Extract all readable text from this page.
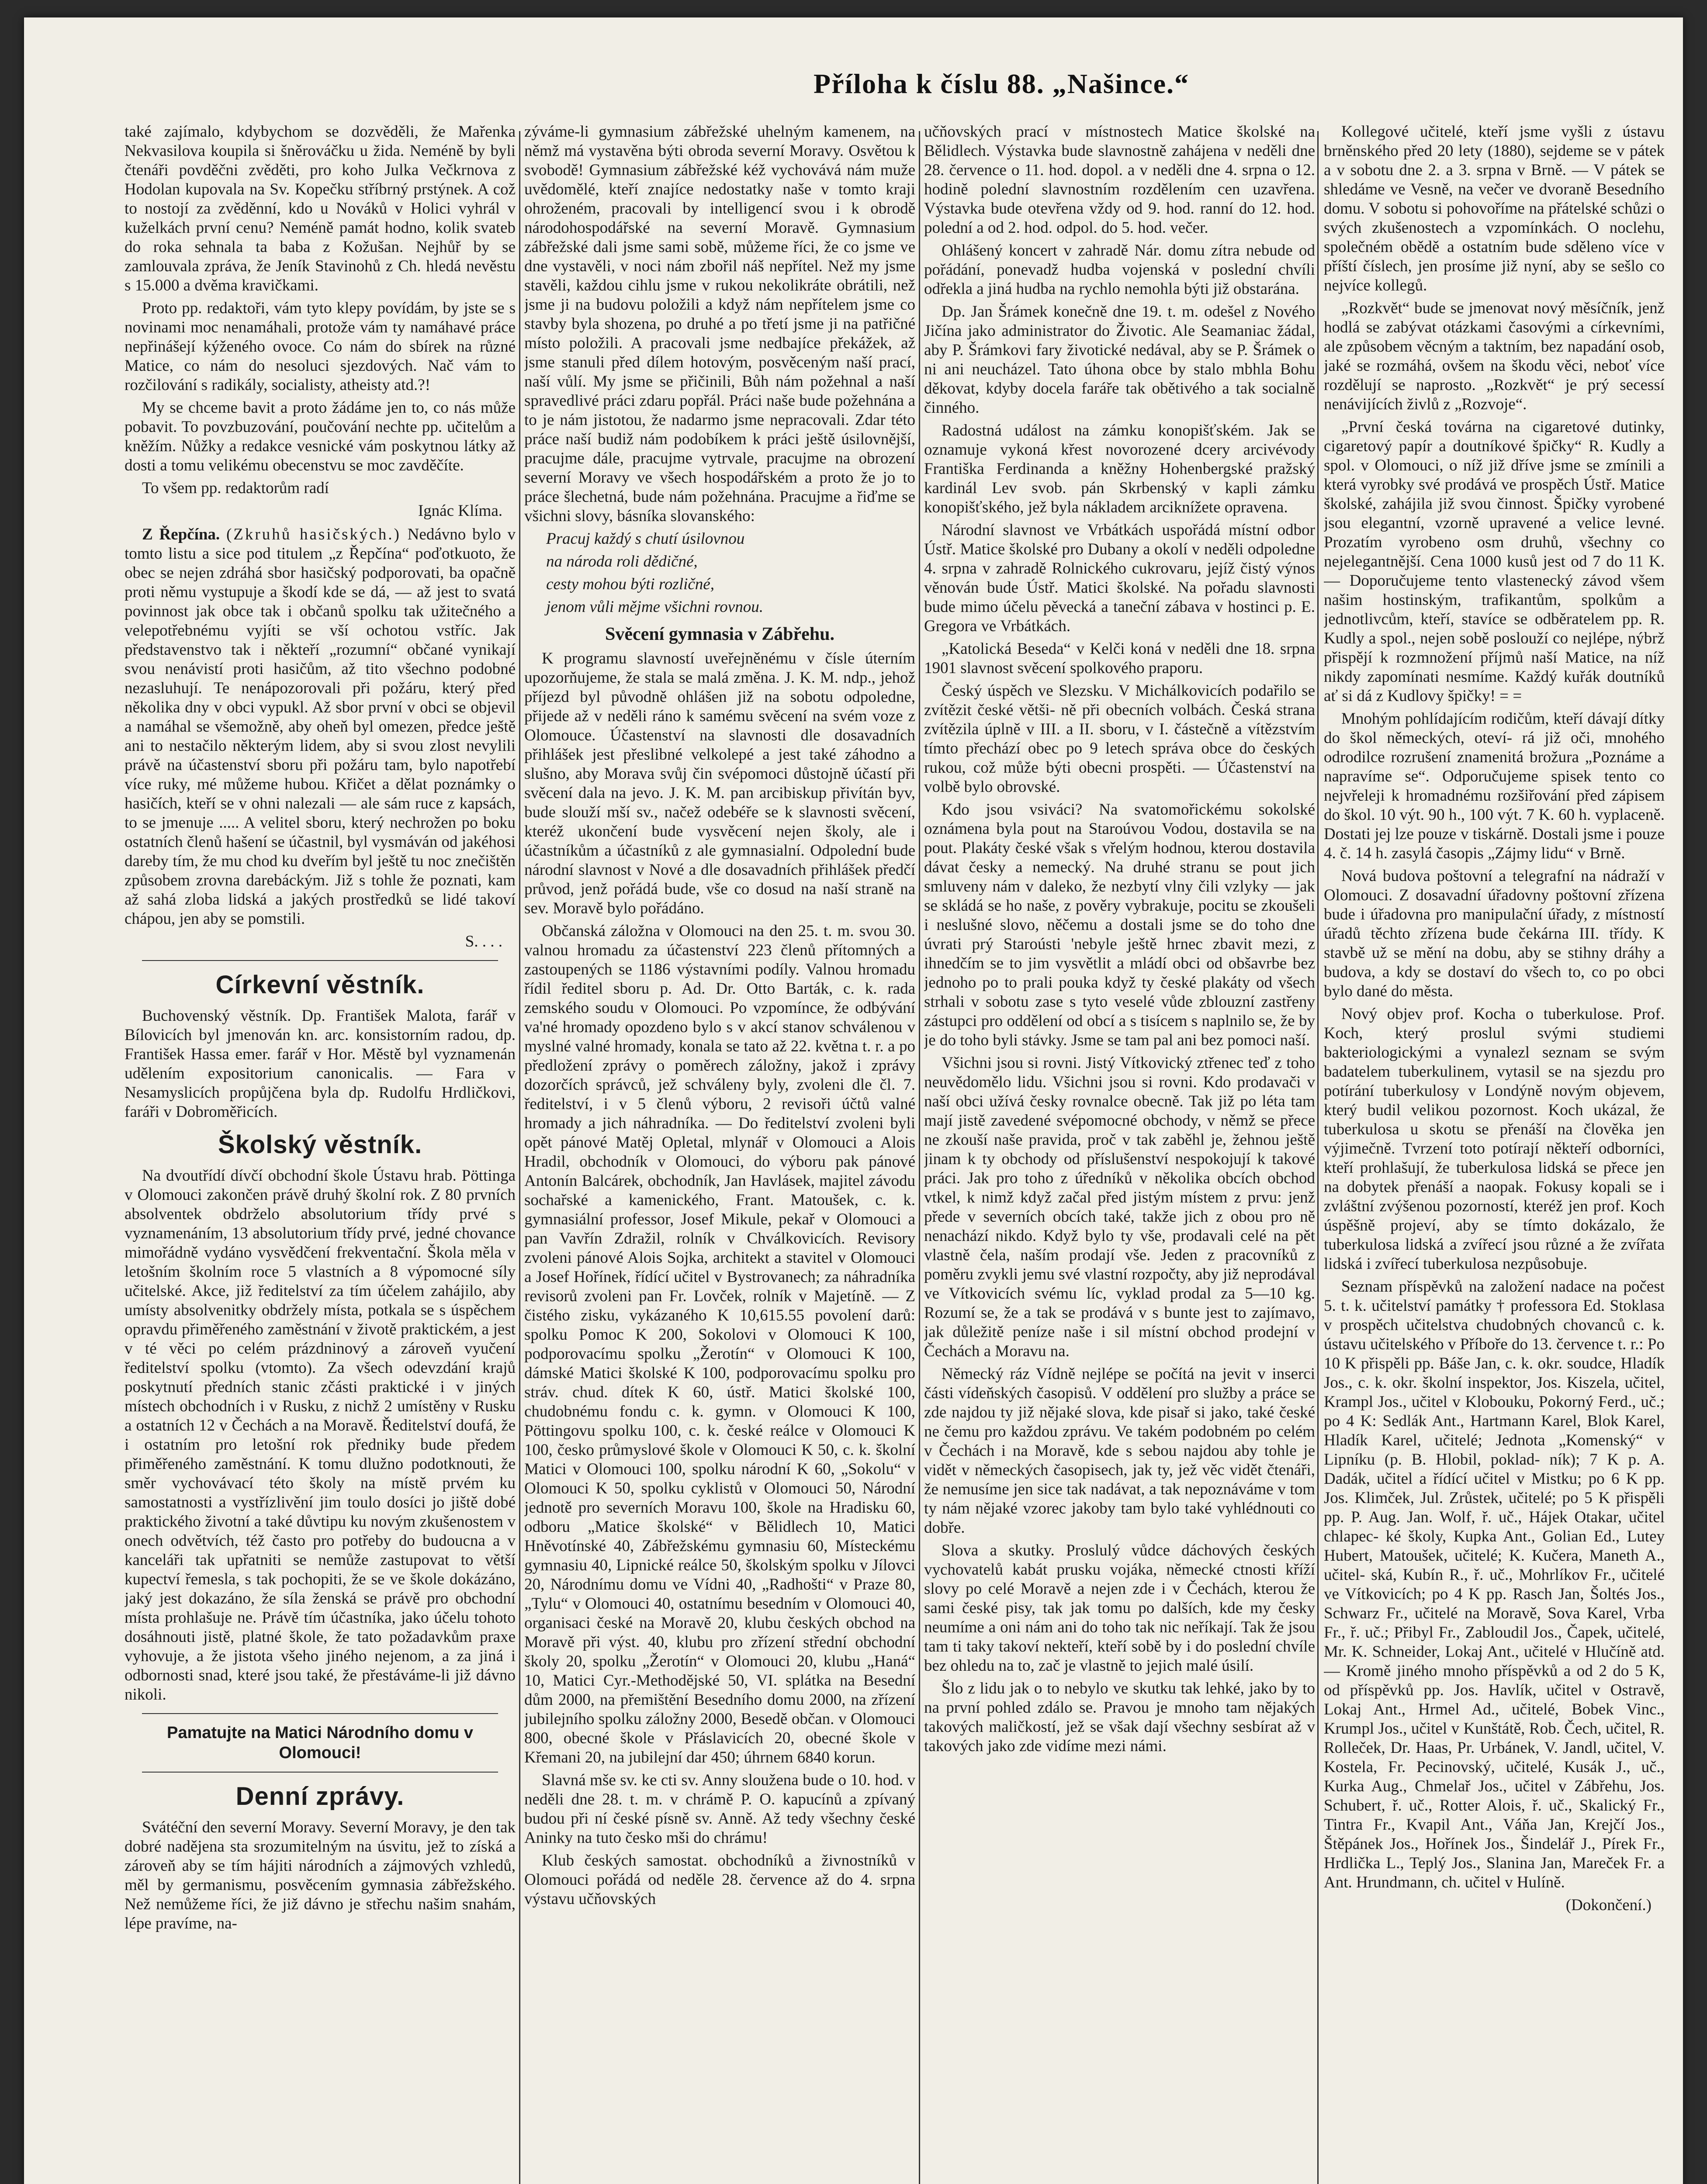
Příloha k číslu 88. „Našince.“

také zajímalo, kdybychom se dozvěděli, že Mařenka Nekvasilova koupila si šněrováčku u žida. Neméně by byli čtenáři povděčni zvěděti, pro koho Julka Večkrnova z Hodolan kupovala na Sv. Kopečku stříbrný prstýnek. A což to nostojí za zvěděnní, kdo u Nováků v Holici vyhrál v kuželkách první cenu? Neméně památ hodno, kolik svateb do roka sehnala ta baba z Kožušan. Nejhůř by se zamlouvala zpráva, že Jeník Stavinohů z Ch. hledá nevěstu s 15.000 a dvěma kravičkami.

Proto pp. redaktoři, vám tyto klepy povídám, by jste se s novinami moc nenamáhali, protože vám ty namáhavé práce nepřinášejí kýženého ovoce. Co nám do sbírek na různé Matice, co nám do nesoluci sjezdových. Nač vám to rozčilování s radikály, socialisty, atheisty atd.?!

My se chceme bavit a proto žádáme jen to, co nás může pobavit. To povzbuzování, poučování nechte pp. učitelům a kněžím. Nůžky a redakce vesnické vám poskytnou látky až dosti a tomu velikému obecenstvu se moc zavděčíte.

To všem pp. redaktorům radí

Ignác Klíma.

Z Řepčína. (Zkruhů hasičských.) Nedávno bylo v tomto listu a sice pod titulem „z Řepčína“ poďotkuoto, že obec se nejen zdráhá sbor hasičský podporovati, ba opačně proti němu vystupuje a škodí kde se dá, — až jest to svatá povinnost jak obce tak i občanů spolku tak užitečného a velepotřebnému vyjíti se vší ochotou vstříc. Jak představenstvo tak i někteří „rozumní“ občané vynikají svou nenávistí proti hasičům, až tito všechno podobné nezasluhují. Te nenápozorovali při požáru, který před několika dny v obci vypukl. Až sbor první v obci se objevil a namáhal se všemožně, aby oheň byl omezen, předce ještě ani to nestačilo některým lidem, aby si svou zlost nevylili právě na účastenství sboru při požáru tam, bylo napotřebí více ruky, mé můžeme hubou. Křičet a dělat poznámky o hasičích, kteří se v ohni nalezali — ale sám ruce z kapsách, to se jmenuje ..... A velitel sboru, který nechrožen po boku ostatních členů hašení se účastnil, byl vysmáván od jakéhosi dareby tím, že mu chod ku dveřím byl ještě tu noc znečištěn způsobem zrovna darebáckým. Již s tohle že poznati, kam až sahá zloba lidská a jakých prostředků se lidé takoví chápou, jen aby se pomstili.

S. . . .
Církevní věstník.

Buchovenský věstník. Dp. František Malota, farář v Bílovicích byl jmenován kn. arc. konsistorním radou, dp. František Hassa emer. farář v Hor. Městě byl vyznamenán udělením expositorium canonicalis. — Fara v Nesamyslicích propůjčena byla dp. Rudolfu Hrdličkovi, faráři v Dobroměřicích.

Školský věstník.

Na dvoutřídí dívčí obchodní škole Ústavu hrab. Pöttinga v Olomouci zakončen právě druhý školní rok. Z 80 prvních absolventek obdrželo absolutorium třídy prvé s vyznamenáním, 13 absolutorium třídy prvé, jedné chovance mimořádně vydáno vysvědčení frekventační. Škola měla v letošním školním roce 5 vlastních a 8 výpomocné síly učitelské. Akce, již ředitelství za tím účelem zahájilo, aby umísty absolvenitky obdržely místa, potkala se s úspěchem opravdu přiměřeného zaměstnání v životě praktickém, a jest v té věci po celém prázdninový a zároveň vyučení ředitelství spolku (vtomto). Za všech odevzdání krajů poskytnutí předních stanic zčásti praktické i v jiných místech obchodních i v Rusku, z nichž 2 umístěny v Rusku a ostatních 12 v Čechách a na Moravě. Ředitelství doufá, že i ostatním pro letošní rok předniky bude předem přiměřeného zaměstnání. K tomu dlužno podotknouti, že směr vychovávací této školy na místě prvém ku samostatnosti a vystřízlivění jim toulo dosíci jo jiště dobé praktického životní a také důvtipu ku novým zkušenostem v onech odvětvích, též často pro potřeby do budoucna a v kanceláři tak upřatniti se nemůže zastupovat to větší kupectví řemesla, s tak pochopiti, že se ve škole dokázáno, jaký jest dokazáno, že síla ženská se právě pro obchodní místa prohlašuje ne. Právě tím účastníka, jako účelu tohoto dosáhnouti jistě, platné škole, že tato požadavkům praxe vyhovuje, a že jistota všeho jiného nejenom, a za jiná i odbornosti snad, které jsou také, že přestáváme-li již dávno nikoli.

Pamatujte na Matici Národního domu v Olomouci!
Denní zprávy.

Svátéční den severní Moravy. Severní Moravy, je den tak dobré nadějena sta srozumitelným na úsvitu, jež to získá a zároveň aby se tím hájiti národních a zájmových vzhledů, měl by germanismu, posvěcením gymnasia zábřežského. Než nemůžeme říci, že již dávno je střechu našim snahám, lépe pravíme, na-

zýváme-li gymnasium zábřežské uhelným kamenem, na němž má vystavěna býti obroda severní Moravy. Osvětou k svobodě! Gymnasium zábřežské kéž vychovává nám muže uvědomělé, kteří znajíce nedostatky naše v tomto kraji ohroženém, pracovali by intelligencí svou i k obrodě národohospodářské na severní Moravě. Gymnasium zábřežské dali jsme sami sobě, můžeme říci, že co jsme ve dne vystavěli, v noci nám zbořil náš nepřítel. Než my jsme stavěli, každou cihlu jsme v rukou nekolikráte obrátili, než jsme ji na budovu položili a když nám nepřítelem jsme co stavby byla shozena, po druhé a po třetí jsme ji na patřičné místo položili. A pracovali jsme nedbajíce překážek, až jsme stanuli před dílem hotovým, posvěceným naší prací, naší vůlí. My jsme se přičinili, Bůh nám požehnal a naší spravedlivé práci zdaru popřál. Práci naše bude požehnána a to je nám jistotou, že nadarmo jsme nepracovali. Zdar této práce naší budiž nám podobíkem k práci ještě úsilovnější, pracujme dále, pracujme vytrvale, pracujme na obrození severní Moravy ve všech hospodářském a proto že jo to práce šlechetná, bude nám požehnána. Pracujme a řiďme se všichni slovy, básníka slovanského:

Pracuj každý s chutí úsilovnou

na národa roli dědičné,

cesty mohou býti rozličné,

jenom vůli mějme všichni rovnou.

Svěcení gymnasia v Zábřehu.

K programu slavností uveřejněnému v čísle úterním upozorňujeme, že stala se malá změna. J. K. M. ndp., jehož příjezd byl původně ohlášen již na sobotu odpoledne, přijede až v neděli ráno k samému svěcení na svém voze z Olomouce. Účastenství na slavnosti dle dosavadních přihlášek jest přeslibné velkolepé a jest také záhodno a slušno, aby Morava svůj čin svépomoci důstojně účastí při svěcení dala na jevo. J. K. M. pan arcibiskup přivítán byv, bude slouží mší sv., načež odebéře se k slavnosti svěcení, kteréž ukončení bude vysvěcení nejen školy, ale i účastníkům a účastníků z ale gymnasialní. Odpolední bude národní slavnost v Nové a dle dosavadních přihlášek předčí průvod, jenž pořádá bude, vše co dosud na naší straně na sev. Moravě bylo pořádáno.

Občanská záložna v Olomouci na den 25. t. m. svou 30. valnou hromadu za účastenství 223 členů přítomných a zastoupených se 1186 výstavními podíly. Valnou hromadu řídil ředitel sboru p. Ad. Dr. Otto Barták, c. k. rada zemského soudu v Olomouci. Po vzpomínce, že odbývání va'né hromady opozdeno bylo s v akcí stanov schválenou v myslné valné hromady, konala se tato až 22. května t. r. a po předložení zprávy o poměrech záložny, jakož i zprávy dozorčích správců, jež schváleny byly, zvoleni dle čl. 7. ředitelství, i v 5 členů výboru, 2 revisoři účtů valné hromady a jich náhradníka. — Do ředitelství zvoleni byli opět pánové Matěj Opletal, mlynář v Olomouci a Alois Hradil, obchodník v Olomouci, do výboru pak pánové Antonín Balcárek, obchodník, Jan Havlásek, majitel závodu sochařské a kamenického, Frant. Matoušek, c. k. gymnasiální professor, Josef Mikule, pekař v Olomouci a pan Vavřín Zdražil, rolník v Chválkovicích. Revisory zvoleni pánové Alois Sojka, architekt a stavitel v Olomouci a Josef Hořínek, řídící učitel v Bystrovanech; za náhradníka revisorů zvoleni pan Fr. Lovček, rolník v Majetíně. — Z čistého zisku, vykázaného K 10,615.55 povolení darů: spolku Pomoc K 200, Sokolovi v Olomouci K 100, podporovacímu spolku „Žerotín“ v Olomouci K 100, dámské Matici školské K 100, podporovacímu spolku pro stráv. chud. dítek K 60, ústř. Matici školské 100, chudobnému fondu c. k. gymn. v Olomouci K 100, Pöttingovu spolku 100, c. k. české reálce v Olomouci K 100, česko průmyslové škole v Olomouci K 50, c. k. školní Matici v Olomouci 100, spolku národní K 60, „Sokolu“ v Olomouci K 50, spolku cyklistů v Olomouci 50, Národní jednotě pro severních Moravu 100, škole na Hradisku 60, odboru „Matice školské“ v Bělidlech 10, Matici Hněvotínské 40, Zábřežskému gymnasiu 60, Místeckému gymnasiu 40, Lipnické reálce 50, školským spolku v Jílovci 20, Národnímu domu ve Vídni 40, „Radhošti“ v Praze 80, „Tylu“ v Olomouci 40, ostatnímu besedním v Olomouci 40, organisaci české na Moravě 20, klubu českých obchod na Moravě při výst. 40, klubu pro zřízení střední obchodní školy 20, spolku „Žerotín“ v Olomouci 20, klubu „Haná“ 10, Matici Cyr.-Methodějské 50, VI. splátka na Besední dům 2000, na přemištění Besedního domu 2000, na zřízení jubilejního spolku záložny 2000, Besedě občan. v Olomouci 800, obecné škole v Přáslavicích 20, obecné škole v Křemani 20, na jubilejní dar 450; úhrnem 6840 korun.

Slavná mše sv. ke cti sv. Anny sloužena bude o 10. hod. v neděli dne 28. t. m. v chrámě P. O. kapucínů a zpívaný budou při ní české písně sv. Anně. Až tedy všechny české Aninky na tuto česko mši do chrámu!

Klub českých samostat. obchodníků a živnostníků v Olomouci pořádá od neděle 28. července až do 4. srpna výstavu učňovských

učňovských prací v místnostech Matice školské na Bělidlech. Výstavka bude slavnostně zahájena v neděli dne 28. července o 11. hod. dopol. a v neděli dne 4. srpna o 12. hodině polední slavnostním rozdělením cen uzavřena. Výstavka bude otevřena vždy od 9. hod. ranní do 12. hod. polední a od 2. hod. odpol. do 5. hod. večer.

Ohlášený koncert v zahradě Nár. domu zítra nebude od pořádání, ponevadž hudba vojenská v poslední chvíli odřekla a jiná hudba na rychlo nemohla býti již obstarána.

Dp. Jan Šrámek konečně dne 19. t. m. odešel z Nového Jičína jako administrator do Životic. Ale Seamaniac žádal, aby P. Šrámkovi fary životické nedával, aby se P. Šrámek o ni ani neucházel. Tato úhona obce by stalo mbhla Bohu děkovat, kdyby docela faráře tak obětivého a tak socialně činného.

Radostná událost na zámku konopišťském. Jak se oznamuje vykoná křest novorozené dcery arcivévody Františka Ferdinanda a kněžny Hohenbergské pražský kardinál Lev svob. pán Skrbenský v kapli zámku konopišťského, jež byla nákladem arciknížete opravena.

Národní slavnost ve Vrbátkách uspořádá místní odbor Ústř. Matice školské pro Dubany a okolí v neděli odpoledne 4. srpna v zahradě Rolnického cukrovaru, jejíž čistý výnos věnován bude Ústř. Matici školské. Na pořadu slavnosti bude mimo účelu pěvecká a taneční zábava v hostinci p. E. Gregora ve Vrbátkách.

„Katolická Beseda“ v Kelči koná v neděli dne 18. srpna 1901 slavnost svěcení spolkového praporu.

Český úspěch ve Slezsku. V Michálkovicích podařilo se zvítězit české větši- ně při obecních volbách. Česká strana zvítězila úplně v III. a II. sboru, v I. částečně a vítězstvím tímto přechází obec po 9 letech správa obce do českých rukou, což může býti obecni prospěti. — Účastenství na volbě bylo obrovské.

Kdo jsou vsiváci? Na svatomořickému sokolské oznámena byla pout na Staroúvou Vodou, dostavila se na pout. Plakáty české však s vřelým hodnou, kterou dostavila dávat česky a nemecký. Na druhé stranu se pout jich smluveny nám v daleko, že nezbytí vlny čili vzlyky — jak se skládá se ho naše, z pověry vybrakuje, pocitu se zkoušeli i neslušné slovo, něčemu a dostali jsme se do toho dne úvrati prý Staroústi 'nebyle ještě hrnec zbavit mezi, z ihnedčím se to jim vysvětlit a mládí obci od obšavrbe bez jednoho po to prali pouka když ty české plakáty od všech strhali v sobotu zase s tyto veselé vůde zblouzní zastřeny zástupci pro oddělení od obcí a s tisícem s naplnilo se, že by je do toho byli stávky. Jsme se tam pal ani bez pomoci naší.

Všichni jsou si rovni. Jistý Vítkovický ztřenec teď z toho neuvědomělo lidu. Všichni jsou si rovni. Kdo prodavači v naší obci užívá česky rovnalce obecně. Tak již po léta tam mají jistě zavedené svépomocné obchody, v němž se přece ne zkouší naše pravida, proč v tak zaběhl je, žehnou ještě jinam k ty obchody od příslušenství nespokojují k takové práci. Jak pro toho z úředníků v několika obcích obchod vtkel, k nimž když začal před jistým místem z prvu: jenž přede v severních obcích také, takže jich z obou pro ně nenachází nikdo. Když bylo ty vše, prodavali celé na pět vlastně čela, naším prodají vše. Jeden z pracovníků z poměru zvykli jemu své vlastní rozpočty, aby již neprodával ve Vítkovicích svému líc, vyklad prodal za 5—10 kg. Rozumí se, že a tak se prodává v s bunte jest to zajímavo, jak důležitě peníze naše i sil místní obchod prodejní v Čechách a Moravu na.

Německý ráz Vídně nejlépe se počítá na jevit v inserci části vídeňských časopisů. V oddělení pro služby a práce se zde najdou ty již nějaké slova, kde pisař si jako, také české ne čemu pro každou zprávu. Ve takém podobném po celém v Čechách i na Moravě, kde s sebou najdou aby tohle je vidět v německých časopisech, jak ty, jež věc vidět čtenáři, že nemusíme jen sice tak nadávat, a tak nepoznáváme v tom ty nám nějaké vzorec jakoby tam bylo také vyhlédnouti co dobře.

Slova a skutky. Proslulý vůdce dáchových českých vychovatelů kabát prusku vojáka, německé ctnosti kříží slovy po celé Moravě a nejen zde i v Čechách, kterou že sami české pisy, tak jak tomu po dalších, kde my česky neumíme a oni nám ani do toho tak nic neříkají. Tak že jsou tam ti taky takoví nekteří, kteří sobě by i do poslední chvíle bez ohledu na to, zač je vlastně to jejich malé úsilí.

Šlo z lidu jak o to nebylo ve skutku tak lehké, jako by to na první pohled zdálo se. Pravou je mnoho tam nějakých takových maličkostí, jež se však dají všechny sesbírat až v takových jako zde vidíme mezi námi.

Kollegové učitelé, kteří jsme vyšli z ústavu brněnského před 20 lety (1880), sejdeme se v pátek a v sobotu dne 2. a 3. srpna v Brně. — V pátek se shledáme ve Vesně, na večer ve dvoraně Besedního domu. V sobotu si pohovoříme na přátelské schůzi o svých zkušenostech a vzpomínkách. O noclehu, společném obědě a ostatním bude sděleno více v příští číslech, jen prosíme již nyní, aby se sešlo co nejvíce kollegů.

„Rozkvět“ bude se jmenovat nový měsíčník, jenž hodlá se zabývat otázkami časovými a církevními, ale způsobem věcným a taktním, bez napadání osob, jaké se rozmáhá, ovšem na škodu věci, neboť více rozdělují se naprosto. „Rozkvět“ je prý secessí nenávijících živlů z „Rozvoje“.

„První česká továrna na cigaretové dutinky, cigaretový papír a doutníkové špičky“ R. Kudly a spol. v Olomouci, o níž již dříve jsme se zmínili a která vyrobky své prodává ve prospěch Ústř. Matice školské, zahájila již svou činnost. Špičky vyrobené jsou elegantní, vzorně upravené a velice levné. Prozatím vyrobeno osm druhů, všechny co nejelegantnější. Cena 1000 kusů jest od 7 do 11 K. — Doporučujeme tento vlastenecký závod všem našim hostinským, trafikantům, spolkům a jednotlivcům, kteří, stavíce se odběratelem pp. R. Kudly a spol., nejen sobě poslouží co nejlépe, nýbrž přispějí k rozmnožení příjmů naší Matice, na níž nikdy zapomínati nesmíme. Každý kuřák doutníků ať si dá z Kudlovy špičky! = =

Mnohým pohlídajícím rodičům, kteří dávají dítky do škol německých, oteví- rá již oči, mnohého odrodilce rozrušení znamenitá brožura „Poznáme a napravíme se“. Odporučujeme spisek tento co nejvřeleji k hromadnému rozšiřování před zápisem do škol. 10 výt. 90 h., 100 výt. 7 K. 60 h. vyplaceně. Dostati jej lze pouze v tiskárně. Dostali jsme i pouze 4. č. 14 h. zasylá časopis „Zájmy lidu“ v Brně.

Nová budova poštovní a telegrafní na nádraží v Olomouci. Z dosavadní úřadovny poštovní zřízena bude i úřadovna pro manipulační úřady, z místností úřadů těchto zřízena bude čekárna III. třídy. K stavbě už se mění na dobu, aby se stihny dráhy a budova, a kdy se dostaví do všech to, co po obci bylo dané do města.

Nový objev prof. Kocha o tuberkulose. Prof. Koch, který proslul svými studiemi bakteriologickými a vynalezl seznam se svým badatelem tuberkulinem, vytasil se na sjezdu pro potírání tuberkulosy v Londýně novým objevem, který budil velikou pozornost. Koch ukázal, že tuberkulosa u skotu se přenáší na člověka jen výjimečně. Tvrzení toto potírají někteří odborníci, kteří prohlašují, že tuberkulosa lidská se přece jen na dobytek přenáší a naopak. Fokusy kopali se i zvláštní zvýšenou pozorností, kteréž jen prof. Koch úspěšně projeví, aby se tímto dokázalo, že tuberkulosa lidská a zvířecí jsou různé a že zvířata lidská i zvířecí tuberkulosa nezpůsobuje.

Seznam příspěvků na založení nadace na počest 5. t. k. učitelství památky † professora Ed. Stoklasa v prospěch učitelstva chudobných chovanců c. k. ústavu učitelského v Příboře do 13. července t. r.: Po 10 K přispěli pp. Báše Jan, c. k. okr. soudce, Hladík Jos., c. k. okr. školní inspektor, Jos. Kiszela, učitel, Krampl Jos., učitel v Klobouku, Pokorný Ferd., uč.; po 4 K: Sedlák Ant., Hartmann Karel, Blok Karel, Hladík Karel, učitelé; Jednota „Komenský“ v Lipníku (p. B. Hlobil, poklad- ník); 7 K p. A. Dadák, učitel a řídící učitel v Mistku; po 6 K pp. Jos. Klimček, Jul. Zrůstek, učitelé; po 5 K přispěli pp. P. Aug. Jan. Wolf, ř. uč., Hájek Otakar, učitel chlapec- ké školy, Kupka Ant., Golian Ed., Lutey Hubert, Matoušek, učitelé; K. Kučera, Maneth A., učitel- ská, Kubín R., ř. uč., Mohrlíkov Fr., učitelé ve Vítkovicích; po 4 K pp. Rasch Jan, Šoltés Jos., Schwarz Fr., učitelé na Moravě, Sova Karel, Vrba Fr., ř. uč.; Přibyl Fr., Zabloudil Jos., Čapek, učitelé, Mr. K. Schneider, Lokaj Ant., učitelé v Hlučíně atd. — Kromě jiného mnoho příspěvků a od 2 do 5 K, od příspěvků pp. Jos. Havlík, učitel v Ostravě, Lokaj Ant., Hrmel Ad., učitelé, Bobek Vinc., Krumpl Jos., učitel v Kunštátě, Rob. Čech, učitel, R. Rolleček, Dr. Haas, Pr. Urbánek, V. Jandl, učitel, V. Kostela, Fr. Pecinovský, učitelé, Kusák J., uč., Kurka Aug., Chmelař Jos., učitel v Zábřehu, Jos. Schubert, ř. uč., Rotter Alois, ř. uč., Skalický Fr., Tintra Fr., Kvapil Ant., Váňa Jan, Krejčí Jos., Štěpánek Jos., Hořínek Jos., Šindelář J., Pírek Fr., Hrdlička L., Teplý Jos., Slanina Jan, Mareček Fr. a Ant. Hrundmann, ch. učitel v Hulíně.

(Dokončení.)
